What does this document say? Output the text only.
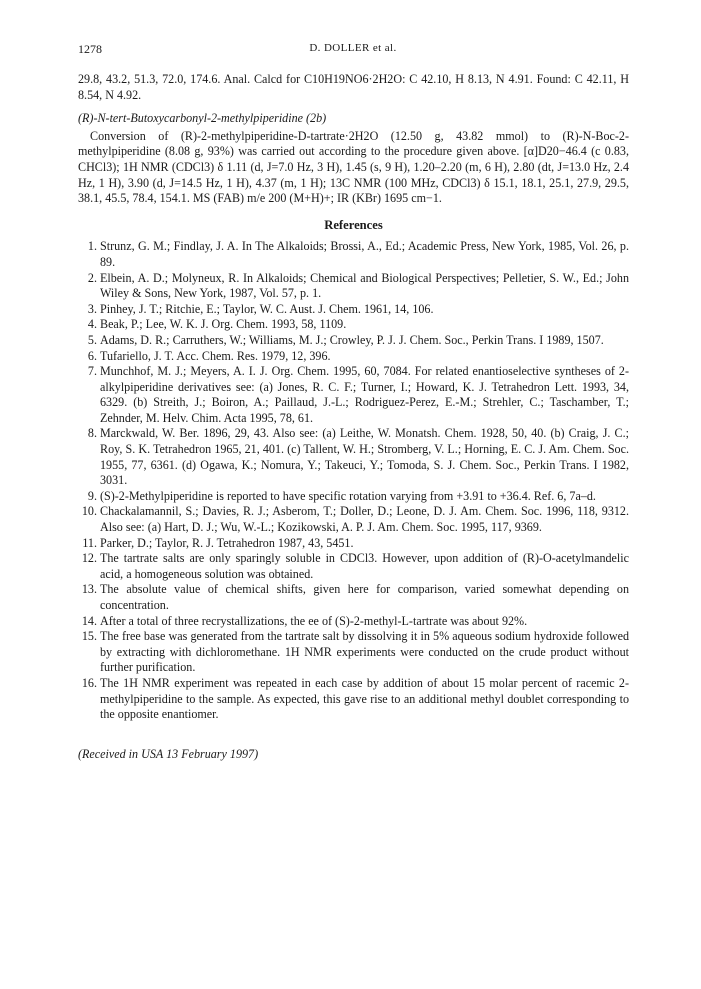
1278	D. DOLLER et al.

29.8, 43.2, 51.3, 72.0, 174.6. Anal. Calcd for C10H19NO6·2H2O: C 42.10, H 8.13, N 4.91. Found: C 42.11, H 8.54, N 4.92.

(R)-N-tert-Butoxycarbonyl-2-methylpiperidine (2b)

Conversion of (R)-2-methylpiperidine-D-tartrate·2H2O (12.50 g, 43.82 mmol) to (R)-N-Boc-2-methylpiperidine (8.08 g, 93%) was carried out according to the procedure given above. [α]D20−46.4 (c 0.83, CHCl3); 1H NMR (CDCl3) δ 1.11 (d, J=7.0 Hz, 3 H), 1.45 (s, 9 H), 1.20–2.20 (m, 6 H), 2.80 (dt, J=13.0 Hz, 2.4 Hz, 1 H), 3.90 (d, J=14.5 Hz, 1 H), 4.37 (m, 1 H); 13C NMR (100 MHz, CDCl3) δ 15.1, 18.1, 25.1, 27.9, 29.5, 38.1, 45.5, 78.4, 154.1. MS (FAB) m/e 200 (M+H)+; IR (KBr) 1695 cm−1.

References
1. Strunz, G. M.; Findlay, J. A. In The Alkaloids; Brossi, A., Ed.; Academic Press, New York, 1985, Vol. 26, p. 89.
2. Elbein, A. D.; Molyneux, R. In Alkaloids; Chemical and Biological Perspectives; Pelletier, S. W., Ed.; John Wiley & Sons, New York, 1987, Vol. 57, p. 1.
3. Pinhey, J. T.; Ritchie, E.; Taylor, W. C. Aust. J. Chem. 1961, 14, 106.
4. Beak, P.; Lee, W. K. J. Org. Chem. 1993, 58, 1109.
5. Adams, D. R.; Carruthers, W.; Williams, M. J.; Crowley, P. J. J. Chem. Soc., Perkin Trans. I 1989, 1507.
6. Tufariello, J. T. Acc. Chem. Res. 1979, 12, 396.
7. Munchhof, M. J.; Meyers, A. I. J. Org. Chem. 1995, 60, 7084. For related enantioselective syntheses of 2-alkylpiperidine derivatives see: (a) Jones, R. C. F.; Turner, I.; Howard, K. J. Tetrahedron Lett. 1993, 34, 6329. (b) Streith, J.; Boiron, A.; Paillaud, J.-L.; Rodriguez-Perez, E.-M.; Strehler, C.; Taschamber, T.; Zehnder, M. Helv. Chim. Acta 1995, 78, 61.
8. Marckwald, W. Ber. 1896, 29, 43. Also see: (a) Leithe, W. Monatsh. Chem. 1928, 50, 40. (b) Craig, J. C.; Roy, S. K. Tetrahedron 1965, 21, 401. (c) Tallent, W. H.; Stromberg, V. L.; Horning, E. C. J. Am. Chem. Soc. 1955, 77, 6361. (d) Ogawa, K.; Nomura, Y.; Takeuci, Y.; Tomoda, S. J. Chem. Soc., Perkin Trans. I 1982, 3031.
9. (S)-2-Methylpiperidine is reported to have specific rotation varying from +3.91 to +36.4. Ref. 6, 7a–d.
10. Chackalamannil, S.; Davies, R. J.; Asberom, T.; Doller, D.; Leone, D. J. Am. Chem. Soc. 1996, 118, 9312. Also see: (a) Hart, D. J.; Wu, W.-L.; Kozikowski, A. P. J. Am. Chem. Soc. 1995, 117, 9369.
11. Parker, D.; Taylor, R. J. Tetrahedron 1987, 43, 5451.
12. The tartrate salts are only sparingly soluble in CDCl3. However, upon addition of (R)-O-acetylmandelic acid, a homogeneous solution was obtained.
13. The absolute value of chemical shifts, given here for comparison, varied somewhat depending on concentration.
14. After a total of three recrystallizations, the ee of (S)-2-methyl-L-tartrate was about 92%.
15. The free base was generated from the tartrate salt by dissolving it in 5% aqueous sodium hydroxide followed by extracting with dichloromethane. 1H NMR experiments were conducted on the crude product without further purification.
16. The 1H NMR experiment was repeated in each case by addition of about 15 molar percent of racemic 2-methylpiperidine to the sample. As expected, this gave rise to an additional methyl doublet corresponding to the opposite enantiomer.

(Received in USA 13 February 1997)
